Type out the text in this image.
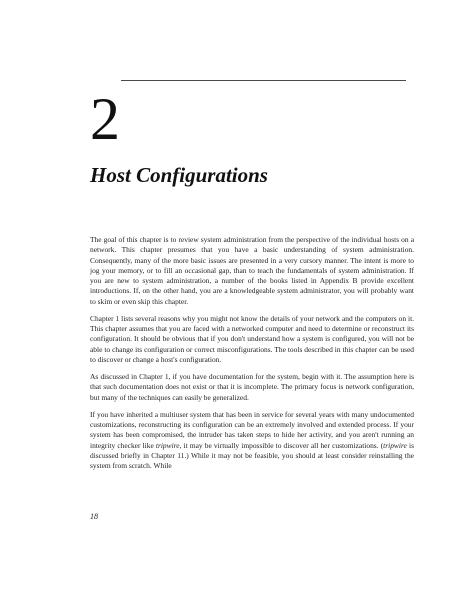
2
Host Configurations

The goal of this chapter is to review system administration from the perspective of the individual hosts on a network. This chapter presumes that you have a basic understanding of system administration. Consequently, many of the more basic issues are presented in a very cursory manner. The intent is more to jog your memory, or to fill an occasional gap, than to teach the fundamentals of system administration. If you are new to system administration, a number of the books listed in Appendix B provide excellent introductions. If, on the other hand, you are a knowledgeable system administrator, you will probably want to skim or even skip this chapter.

Chapter 1 lists several reasons why you might not know the details of your network and the computers on it. This chapter assumes that you are faced with a networked computer and need to determine or reconstruct its configuration. It should be obvious that if you don't understand how a system is configured, you will not be able to change its configuration or correct misconfigurations. The tools described in this chapter can be used to discover or change a host's configuration.

As discussed in Chapter 1, if you have documentation for the system, begin with it. The assumption here is that such documentation does not exist or that it is incomplete. The primary focus is network configuration, but many of the techniques can easily be generalized.

If you have inherited a multiuser system that has been in service for several years with many undocumented customizations, reconstructing its configuration can be an extremely involved and extended process. If your system has been compromised, the intruder has taken steps to hide her activity, and you aren't running an integrity checker like tripwire, it may be virtually impossible to discover all her customizations. (tripwire is discussed briefly in Chapter 11.) While it may not be feasible, you should at least consider reinstalling the system from scratch. While

18
